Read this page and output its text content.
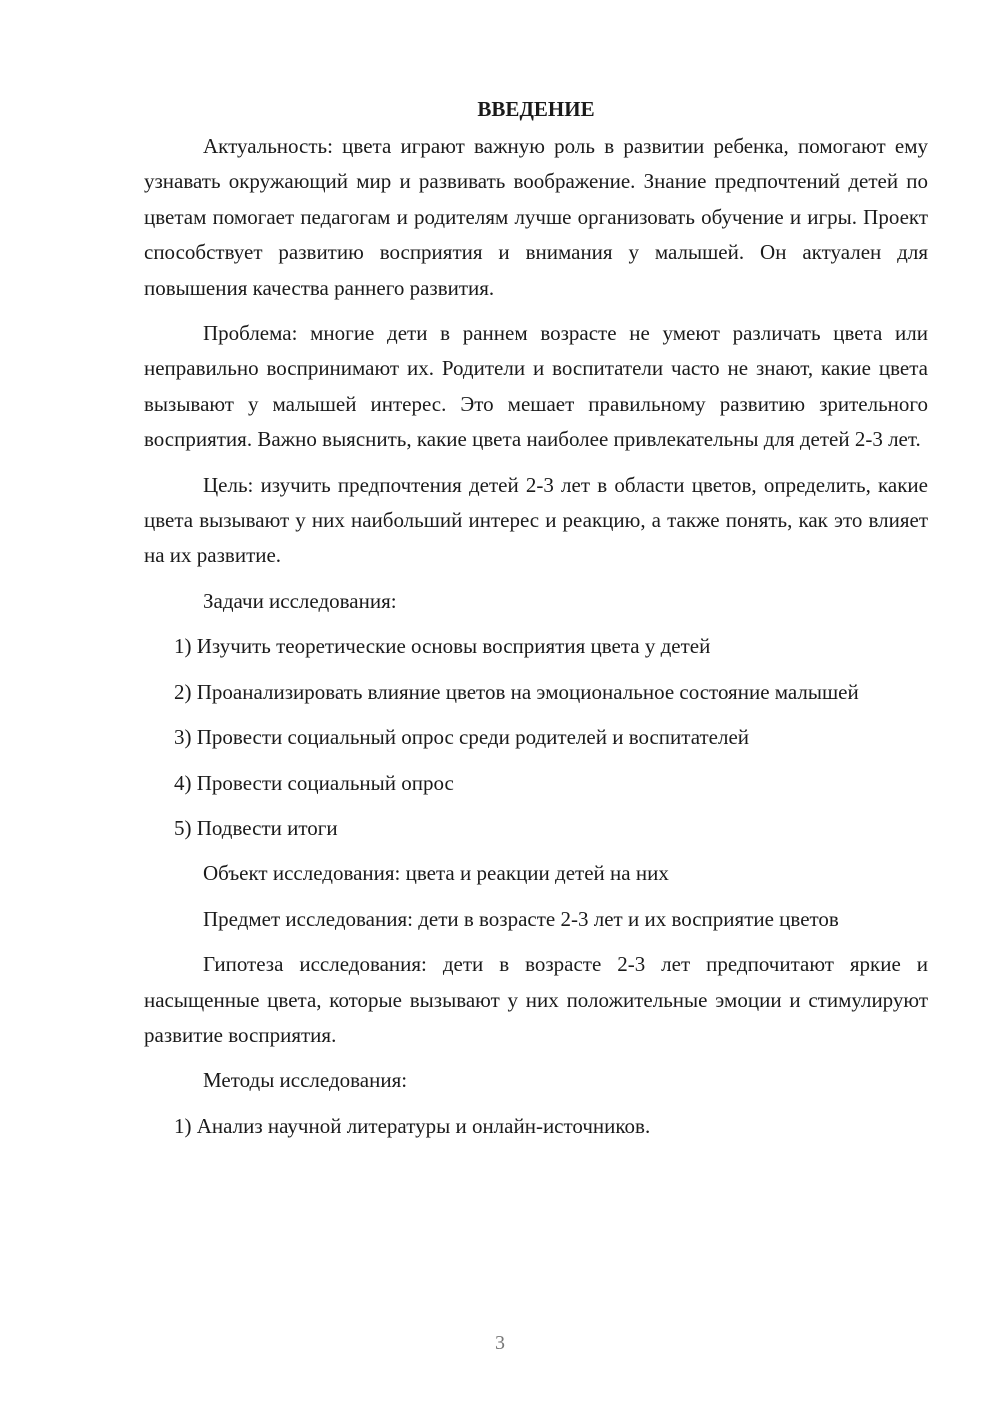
ВВЕДЕНИЕ

Актуальность: цвета играют важную роль в развитии ребенка, помогают ему узнавать окружающий мир и развивать воображение. Знание предпочтений детей по цветам помогает педагогам и родителям лучше организовать обучение и игры. Проект способствует развитию восприятия и внимания у малышей. Он актуален для повышения качества раннего развития.

Проблема: многие дети в раннем возрасте не умеют различать цвета или неправильно воспринимают их. Родители и воспитатели часто не знают, какие цвета вызывают у малышей интерес. Это мешает правильному развитию зрительного восприятия. Важно выяснить, какие цвета наиболее привлекательны для детей 2-3 лет.

Цель: изучить предпочтения детей 2-3 лет в области цветов, определить, какие цвета вызывают у них наибольший интерес и реакцию, а также понять, как это влияет на их развитие.

Задачи исследования:

1) Изучить теоретические основы восприятия цвета у детей

2) Проанализировать влияние цветов на эмоциональное состояние малышей

3) Провести социальный опрос среди родителей и воспитателей

4) Провести социальный опрос

5) Подвести итоги

Объект исследования: цвета и реакции детей на них

Предмет исследования: дети в возрасте 2-3 лет и их восприятие цветов

Гипотеза исследования: дети в возрасте 2-3 лет предпочитают яркие и насыщенные цвета, которые вызывают у них положительные эмоции и стимулируют развитие восприятия.

Методы исследования:

1) Анализ научной литературы и онлайн-источников.

3
